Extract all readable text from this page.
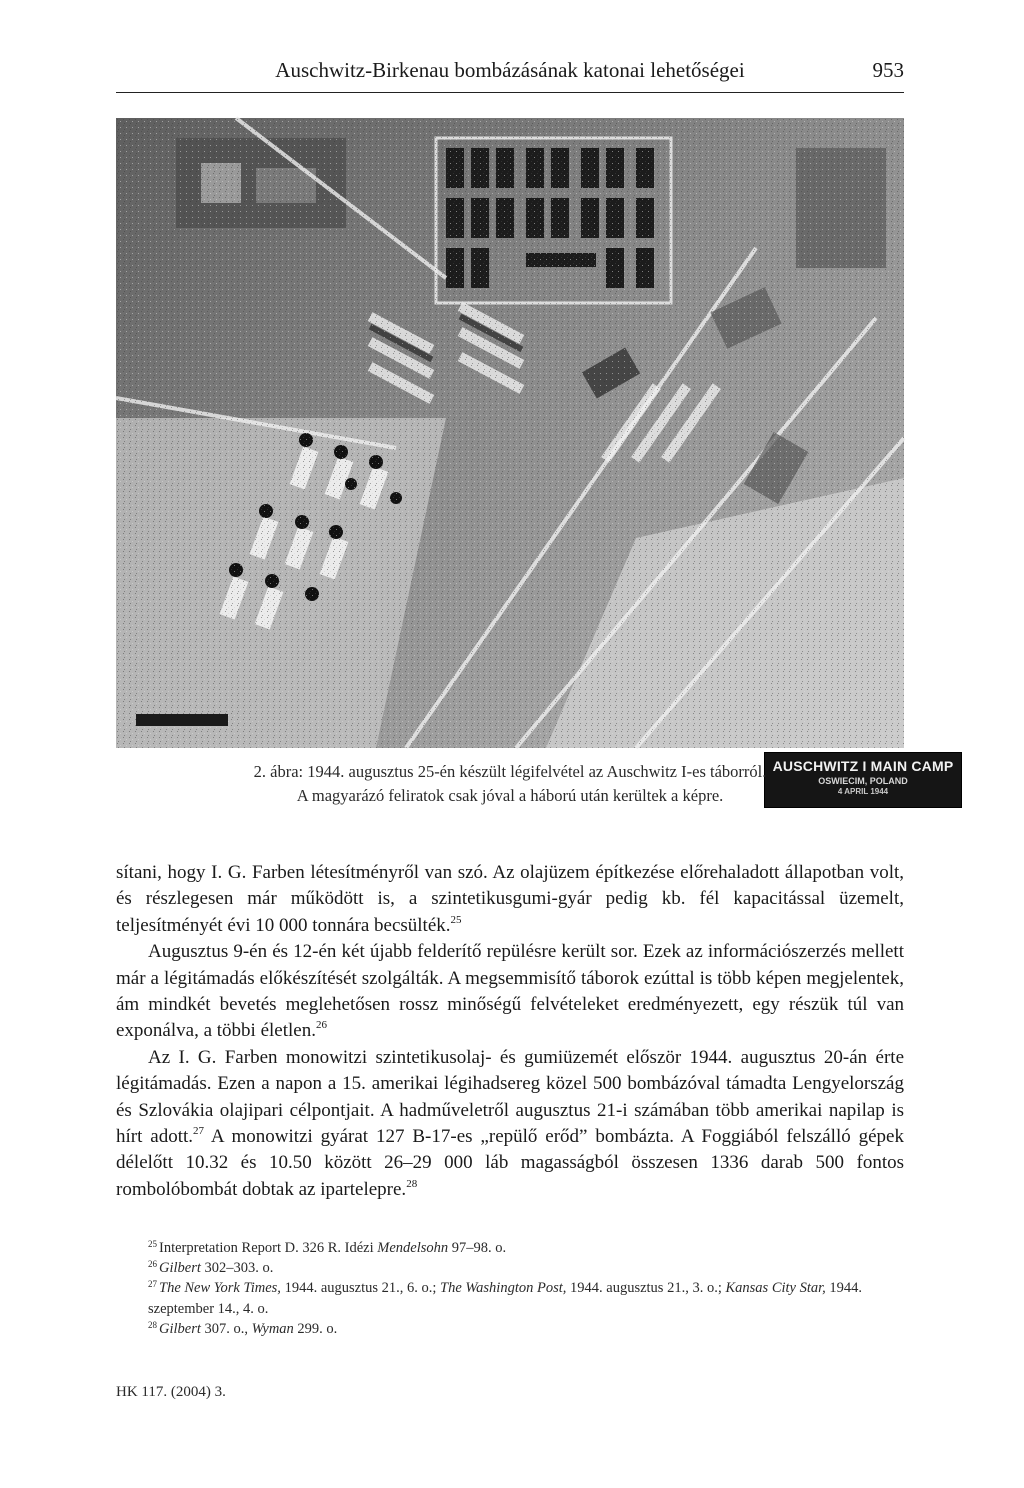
Auschwitz-Birkenau bombázásának katonai lehetőségei	953
AUSCHWITZ I MAIN CAMP
OSWIECIM, POLAND
4 APRIL 1944
2. ábra: 1944. augusztus 25-én készült légifelvétel az Auschwitz I-es táborról.
A magyarázó feliratok csak jóval a háború után kerültek a képre.

sítani, hogy I. G. Farben létesítményről van szó. Az olajüzem építkezése előrehaladott állapotban volt, és részlegesen már működött is, a szintetikusgumi-gyár pedig kb. fél kapacitással üzemelt, teljesítményét évi 10 000 tonnára becsülték.$^{25}$

Augusztus 9-én és 12-én két újabb felderítő repülésre került sor. Ezek az információszerzés mellett már a légitámadás előkészítését szolgálták. A megsemmisítő táborok ezúttal is több képen megjelentek, ám mindkét bevetés meglehetősen rossz minőségű felvételeket eredményezett, egy részük túl van exponálva, a többi életlen.$^{26}$

Az I. G. Farben monowitzi szintetikusolaj- és gumiüzemét először 1944. augusztus 20-án érte légitámadás. Ezen a napon a 15. amerikai légihadsereg közel 500 bombázóval támadta Lengyelország és Szlovákia olajipari célpontjait. A hadműveletről augusztus 21-i számában több amerikai napilap is hírt adott.$^{27}$ A monowitzi gyárat 127 B-17-es „repülő erőd” bombázta. A Foggiából felszálló gépek délelőtt 10.32 és 10.50 között 26–29 000 láb magasságból összesen 1336 darab 500 fontos rombolóbombát dobtak az ipartelepre.$^{28}$

$^{25}$ Interpretation Report D. 326 R. Idézi Mendelsohn 97–98. o.

$^{26}$ Gilbert 302–303. o.

$^{27}$ The New York Times, 1944. augusztus 21., 6. o.; The Washington Post, 1944. augusztus 21., 3. o.; Kansas City Star, 1944. szeptember 14., 4. o.

$^{28}$ Gilbert 307. o., Wyman 299. o.

HK 117. (2004) 3.
